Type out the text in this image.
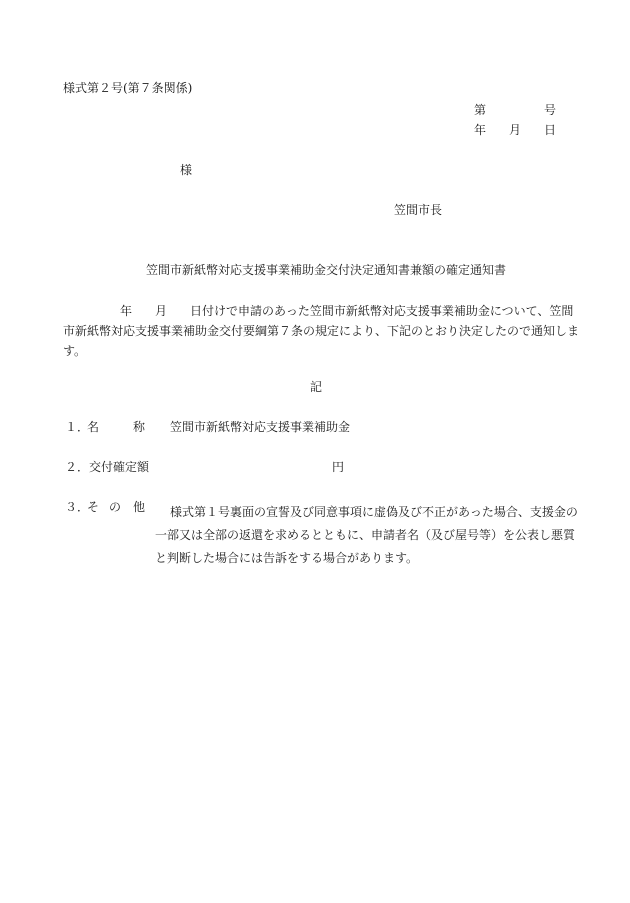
様式第２号(第７条関係)
第	号
年 月 日
様
笠間市長
笠間市新紙幣対応支援事業補助金交付決定通知書兼額の確定通知書
年 月 日付けで申請のあった笠間市新紙幣対応支援事業補助金について、笠間
市新紙幣対応支援事業補助金交付要綱第７条の規定により、下記のとおり決定したので通知しま
す。
記
１．
名	称 笠間市新紙幣対応支援事業補助金
２．交付確定額	円
３．
そ の 他	様式第１号裏面の宣誓及び同意事項に虚偽及び不正があった場合、支援金の
一部又は全部の返還を求めるとともに、申請者名（及び屋号等）を公表し悪質
と判断した場合には告訴をする場合があります。
